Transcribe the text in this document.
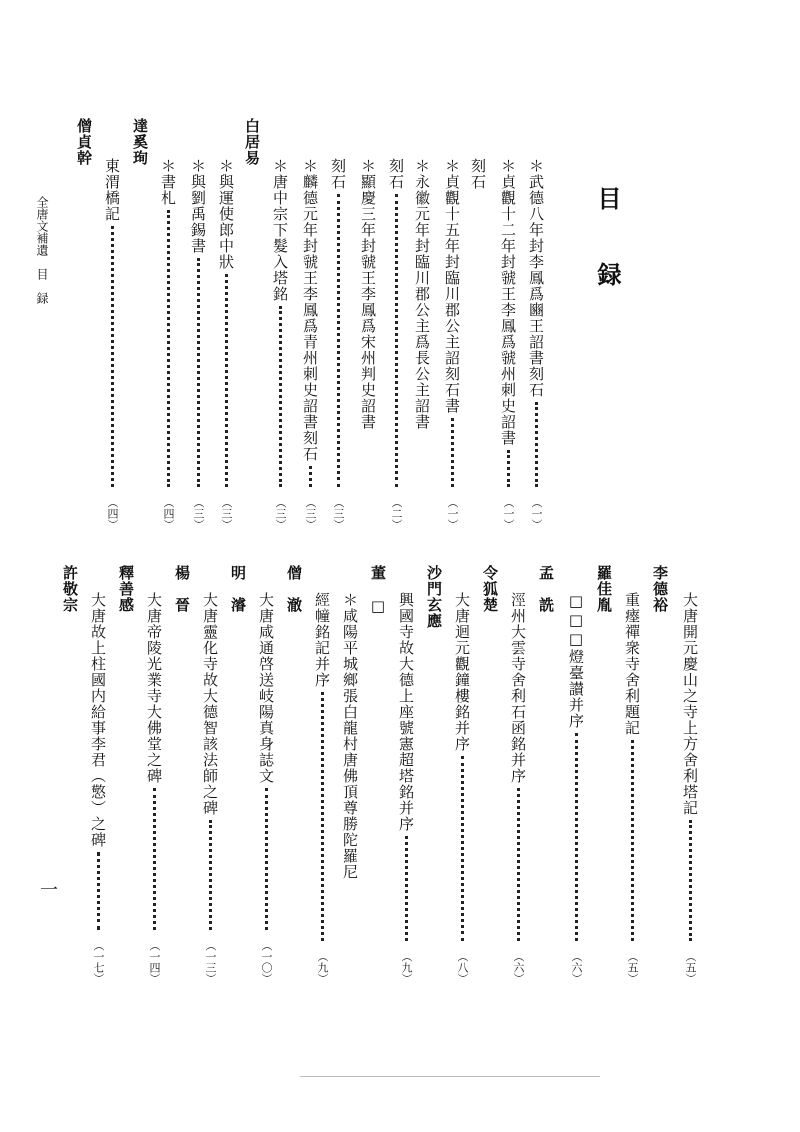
全唐文補遺　目　録	目　録
＊武德八年封李鳳爲豳王詔書刻石
（一）
＊貞觀十二年封虢王李鳳爲虢州刺史詔書
（一）
刻石
＊貞觀十五年封臨川郡公主詔刻石書
（一）
＊永徽元年封臨川郡公主爲長公主詔書
刻石
（二）
＊顯慶三年封虢王李鳳爲宋州判史詔書
刻石
（三）
＊麟德元年封虢王李鳳爲青州刺史詔書刻石
（三）
＊唐中宗下髮入塔銘
（三）
白居易
＊與運使郎中狀
（三）
＊與劉禹錫書
（三）
＊書札
（四）
達奚珣
東渭橋記
（四）
僧貞幹
大唐開元慶山之寺上方舍利塔記
（五）
李德裕
重瘞禪衆寺舍利題記
（五）
羅佳胤
□□□燈臺讃并序
（六）
孟　詵
涇州大雲寺舍利石函銘并序
（六）
令狐楚
大唐迴元觀鐘樓銘并序
（八）
沙門玄應
興國寺故大德上座號憲超塔銘并序
（九）
董　□
＊咸陽平城鄉張白龍村唐佛頂尊勝陀羅尼
經幢銘記并序
（九）
僧　澈
大唐咸通啓送岐陽真身誌文
（一〇）
明　濬
大唐靈化寺故大德智該法師之碑
（一三）
楊　晉
大唐帝陵光業寺大佛堂之碑
（一四）
釋善感
大唐故上柱國内給事李君（憼）之碑
（一七）
許敬宗
一
